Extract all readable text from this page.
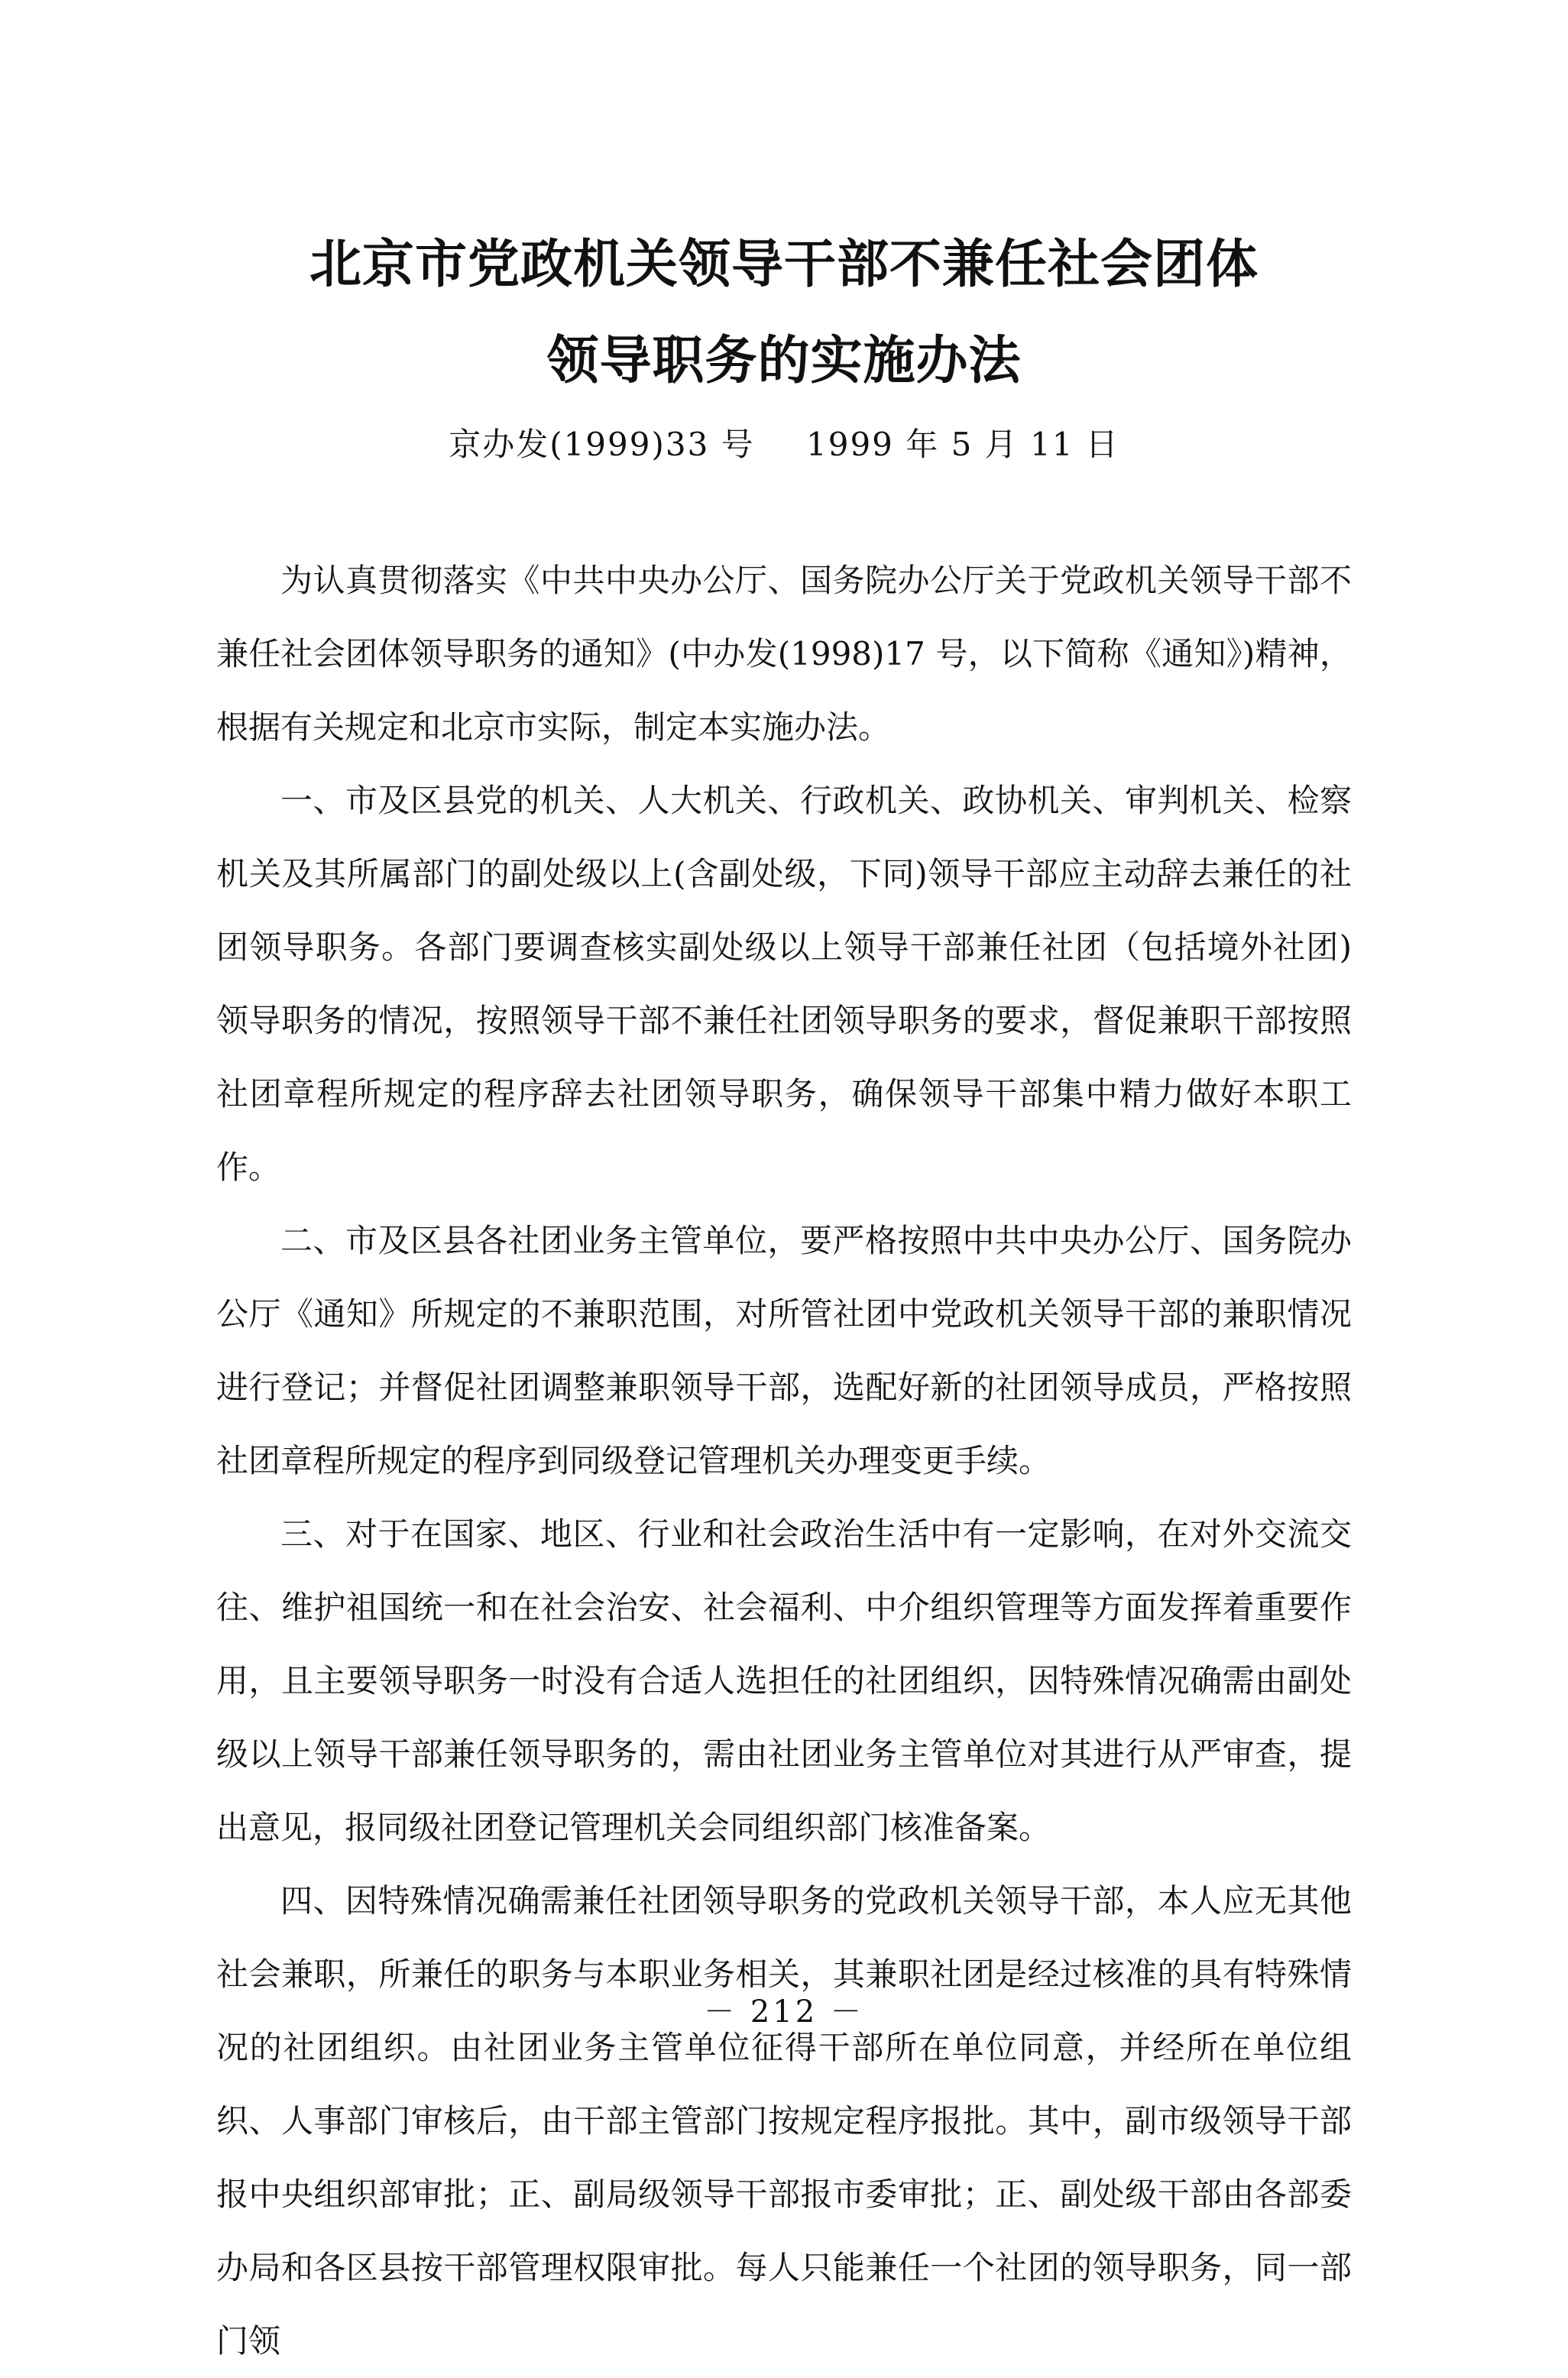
北京市党政机关领导干部不兼任社会团体
领导职务的实施办法

京办发(1999)33 号 1999 年 5 月 11 日

为认真贯彻落实《中共中央办公厅、国务院办公厅关于党政机关领导干部不兼任社会团体领导职务的通知》(中办发(1998)17 号，以下简称《通知》)精神，根据有关规定和北京市实际，制定本实施办法。

一、市及区县党的机关、人大机关、行政机关、政协机关、审判机关、检察机关及其所属部门的副处级以上(含副处级，下同)领导干部应主动辞去兼任的社团领导职务。各部门要调查核实副处级以上领导干部兼任社团（包括境外社团)领导职务的情况，按照领导干部不兼任社团领导职务的要求，督促兼职干部按照社团章程所规定的程序辞去社团领导职务，确保领导干部集中精力做好本职工作。

二、市及区县各社团业务主管单位，要严格按照中共中央办公厅、国务院办公厅《通知》所规定的不兼职范围，对所管社团中党政机关领导干部的兼职情况进行登记；并督促社团调整兼职领导干部，选配好新的社团领导成员，严格按照社团章程所规定的程序到同级登记管理机关办理变更手续。

三、对于在国家、地区、行业和社会政治生活中有一定影响，在对外交流交往、维护祖国统一和在社会治安、社会福利、中介组织管理等方面发挥着重要作用，且主要领导职务一时没有合适人选担任的社团组织，因特殊情况确需由副处级以上领导干部兼任领导职务的，需由社团业务主管单位对其进行从严审查，提出意见，报同级社团登记管理机关会同组织部门核准备案。

四、因特殊情况确需兼任社团领导职务的党政机关领导干部，本人应无其他社会兼职，所兼任的职务与本职业务相关，其兼职社团是经过核准的具有特殊情况的社团组织。由社团业务主管单位征得干部所在单位同意，并经所在单位组织、人事部门审核后，由干部主管部门按规定程序报批。其中，副市级领导干部报中央组织部审批；正、副局级领导干部报市委审批；正、副处级干部由各部委办局和各区县按干部管理权限审批。每人只能兼任一个社团的领导职务，同一部门领

－ 212 －
